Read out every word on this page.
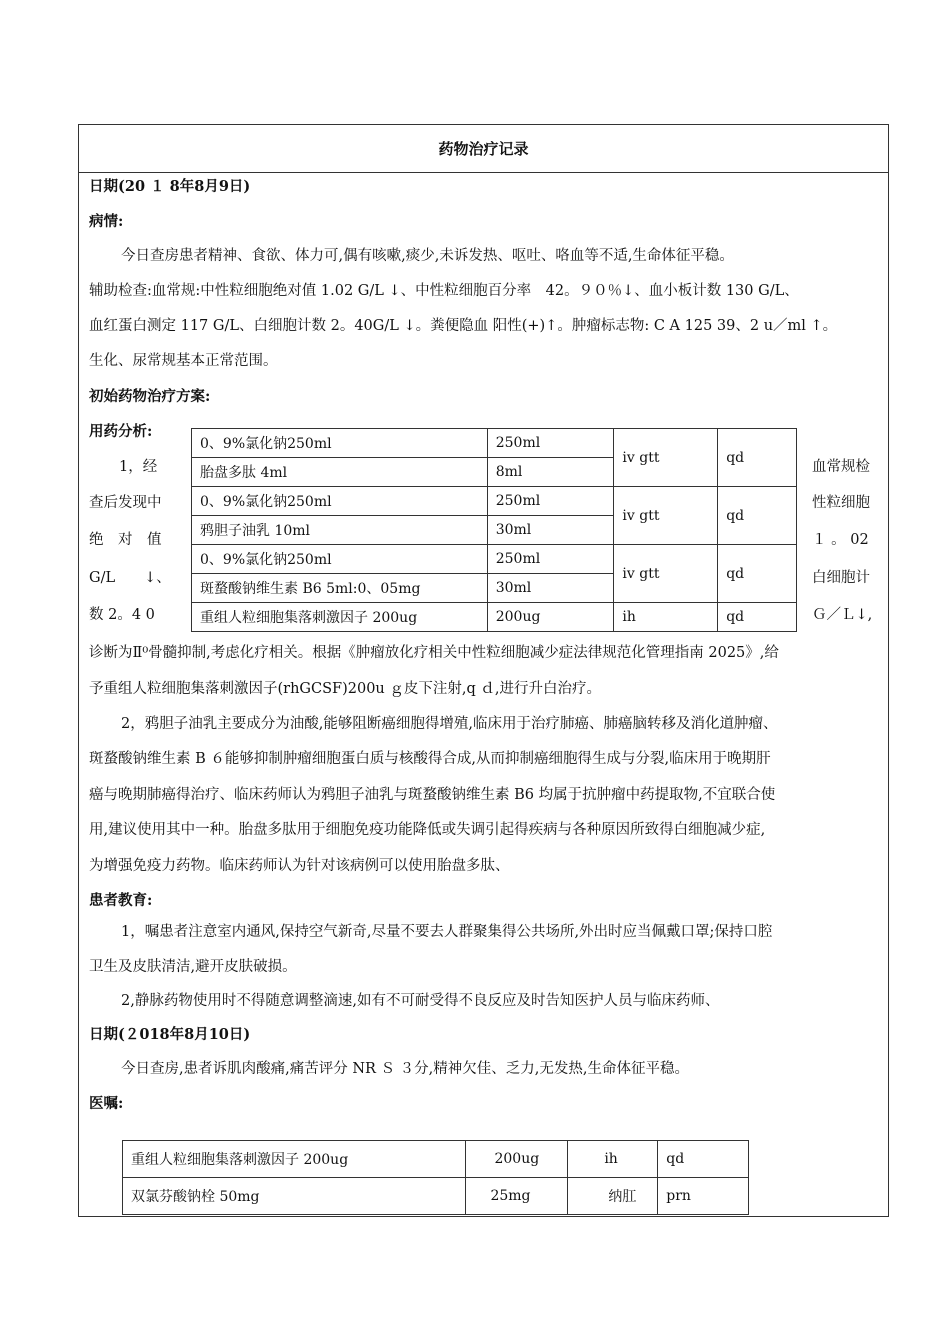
药物治疗记录
日期(20 １ 8年8月9日)
病情:
今日查房患者精神、食欲、体力可,偶有咳嗽,痰少,未诉发热、呕吐、咯血等不适,生命体征平稳。
辅助检查:血常规:中性粒细胞绝对值 1.02 G/L ↓、中性粒细胞百分率　42。９０％↓、血小板计数 130 G/L、
血红蛋白测定 117 G/L、白细胞计数 2。40G/L ↓。粪便隐血 阳性(+)↑。肿瘤标志物: C A 125 39、2 u／ml ↑。
生化、尿常规基本正常范围。
初始药物治疗方案:
用药分析:
1，经
查后发现中
绝　对　值
G/L　　↓、
数 2。4 0
血常规检
性粒细胞
１ 。 02
白细胞计
Ｇ／Ｌ↓,
0、9%氯化钠250ml	250ml	iv gtt	qd
胎盘多肽 4ml	8ml		
0、9%氯化钠250ml	250ml	iv gtt	qd
鸦胆子油乳 10ml	30ml		
0、9%氯化钠250ml	250ml	iv gtt	qd
斑蝥酸钠维生素 B6 5ml:0、05mg	30ml		
重组人粒细胞集落刺激因子 200ug	200ug	ih	qd
诊断为Ⅱ⁰骨髓抑制,考虑化疗相关。根据《肿瘤放化疗相关中性粒细胞减少症法律规范化管理指南 2025》,给
予重组人粒细胞集落刺激因子(rhGCSF)200u ｇ皮下注射,q ｄ,进行升白治疗。
2，鸦胆子油乳主要成分为油酸,能够阻断癌细胞得增殖,临床用于治疗肺癌、肺癌脑转移及消化道肿瘤、
斑蝥酸钠维生素 B ６能够抑制肿瘤细胞蛋白质与核酸得合成,从而抑制癌细胞得生成与分裂,临床用于晚期肝
癌与晚期肺癌得治疗、临床药师认为鸦胆子油乳与斑蝥酸钠维生素 B6 均属于抗肿瘤中药提取物,不宜联合使
用,建议使用其中一种。胎盘多肽用于细胞免疫功能降低或失调引起得疾病与各种原因所致得白细胞减少症,
为增强免疫力药物。临床药师认为针对该病例可以使用胎盘多肽、
患者教育:
1，嘱患者注意室内通风,保持空气新奇,尽量不要去人群聚集得公共场所,外出时应当佩戴口罩;保持口腔
卫生及皮肤清洁,避开皮肤破损。
2,静脉药物使用时不得随意调整滴速,如有不可耐受得不良反应及时告知医护人员与临床药师、
日期(２018年8月10日)
今日查房,患者诉肌肉酸痛,痛苦评分 NR Ｓ ３分,精神欠佳、乏力,无发热,生命体征平稳。
医嘱:
重组人粒细胞集落刺激因子 200ug	200ug	ih	qd
双氯芬酸钠栓 50mg	25mg	纳肛	prn
